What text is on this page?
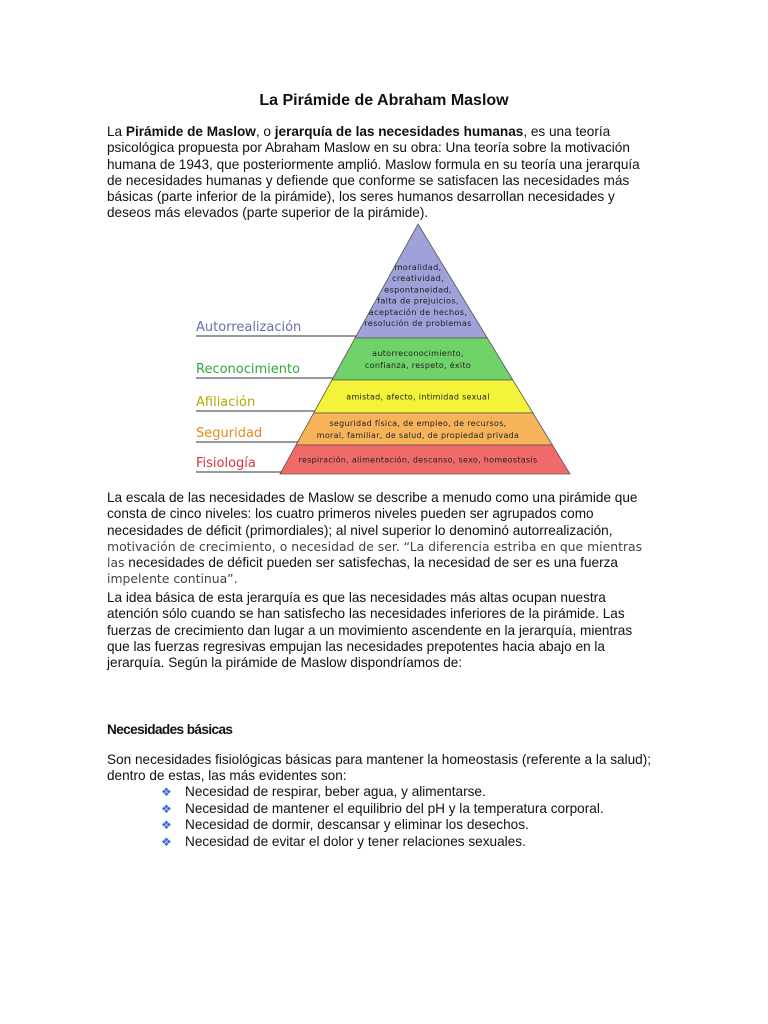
La Pirámide de Abraham Maslow

La Pirámide de Maslow, o jerarquía de las necesidades humanas, es una teoría psicológica propuesta por Abraham Maslow en su obra: Una teoría sobre la motivación humana de 1943, que posteriormente amplió. Maslow formula en su teoría una jerarquía de necesidades humanas y defiende que conforme se satisfacen las necesidades más básicas (parte inferior de la pirámide), los seres humanos desarrollan necesidades y deseos más elevados (parte superior de la pirámide).

La escala de las necesidades de Maslow se describe a menudo como una pirámide que consta de cinco niveles: los cuatro primeros niveles pueden ser agrupados como necesidades de déficit (primordiales); al nivel superior lo denominó autorrealización, motivación de crecimiento, o necesidad de ser. “La diferencia estriba en que mientras las necesidades de déficit pueden ser satisfechas, la necesidad de ser es una fuerza impelente continua”.

La idea básica de esta jerarquía es que las necesidades más altas ocupan nuestra atención sólo cuando se han satisfecho las necesidades inferiores de la pirámide. Las fuerzas de crecimiento dan lugar a un movimiento ascendente en la jerarquía, mientras que las fuerzas regresivas empujan las necesidades prepotentes hacia abajo en la jerarquía. Según la pirámide de Maslow dispondríamos de:

Necesidades básicas

Son necesidades fisiológicas básicas para mantener la homeostasis (referente a la salud); dentro de estas, las más evidentes son:

❖ Necesidad de respirar, beber agua, y alimentarse.
❖ Necesidad de mantener el equilibrio del pH y la temperatura corporal.
❖ Necesidad de dormir, descansar y eliminar los desechos.
❖ Necesidad de evitar el dolor y tener relaciones sexuales.
moralidad,
creatividad,
espontaneidad,
falta de prejuicios,
aceptación de hechos,
resolución de problemas
Autorrealización
autorreconocimiento,
confianza, respeto, éxito
Reconocimiento
amistad, afecto, intimidad sexual
Afiliación
seguridad física, de empleo, de recursos,
moral, familiar, de salud, de propiedad privada
Seguridad
respiración, alimentación, descanso, sexo, homeostasis
Fisiología
